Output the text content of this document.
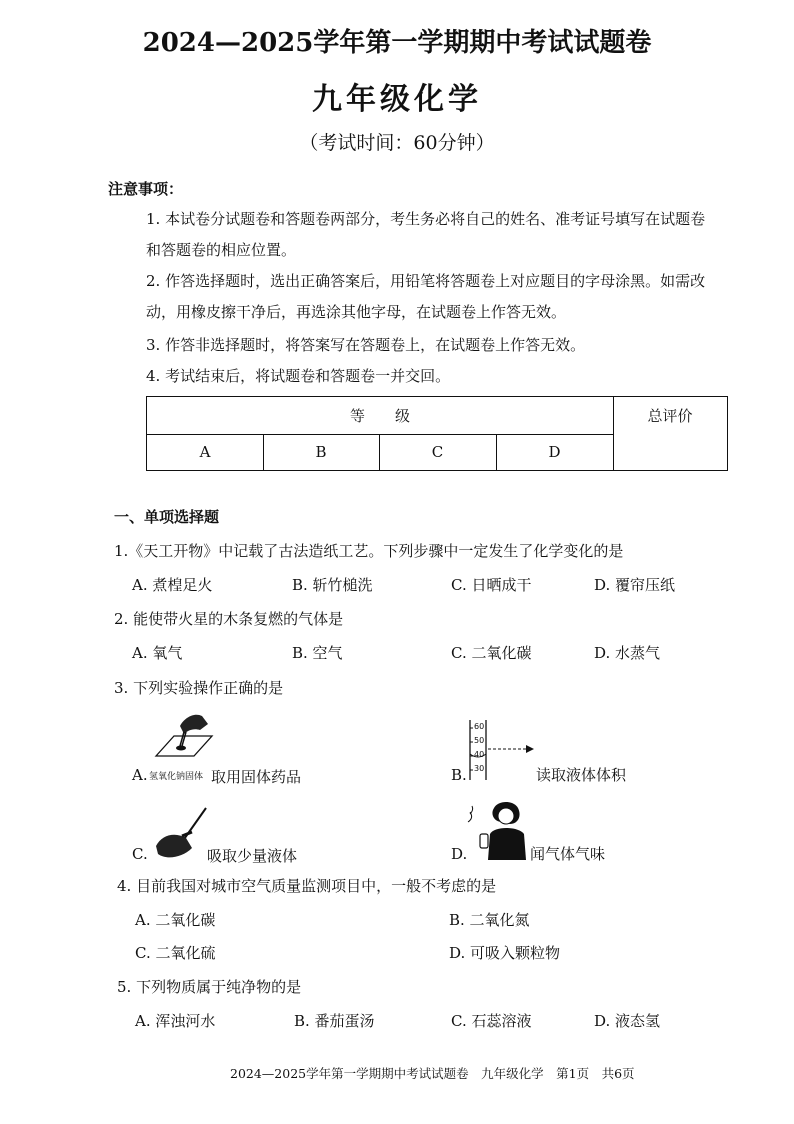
2024—2025学年第一学期期中考试试题卷
九年级化学
（考试时间：60分钟）
注意事项：
1. 本试卷分试题卷和答题卷两部分，考生务必将自己的姓名、准考证号填写在试题卷
和答题卷的相应位置。
2. 作答选择题时，选出正确答案后，用铅笔将答题卷上对应题目的字母涂黑。如需改
动，用橡皮擦干净后，再选涂其他字母，在试题卷上作答无效。
3. 作答非选择题时，将答案写在答题卷上，在试题卷上作答无效。
4. 考试结束后，将试题卷和答题卷一并交回。
等　　级	总评价
A	B	C	D
一、单项选择题
1.《天工开物》中记载了古法造纸工艺。下列步骤中一定发生了化学变化的是
A. 煮楻足火	B. 斩竹槌洗	C. 日晒成干	D. 覆帘压纸
2. 能使带火星的木条复燃的气体是
A. 氧气	B. 空气	C. 二氧化碳	D. 水蒸气
3. 下列实验操作正确的是
A. 氢氧化钠固体 取用固体药品	B.
60
50
40
30	读取液体体积
C.	吸取少量液体	D.	闻气体气味
4. 目前我国对城市空气质量监测项目中，一般不考虑的是
A. 二氧化碳	B. 二氧化氮
C. 二氧化硫	D. 可吸入颗粒物
5. 下列物质属于纯净物的是
A. 浑浊河水	B. 番茄蛋汤	C. 石蕊溶液	D. 液态氢
2024—2025学年第一学期期中考试试题卷　九年级化学　第1页　共6页
